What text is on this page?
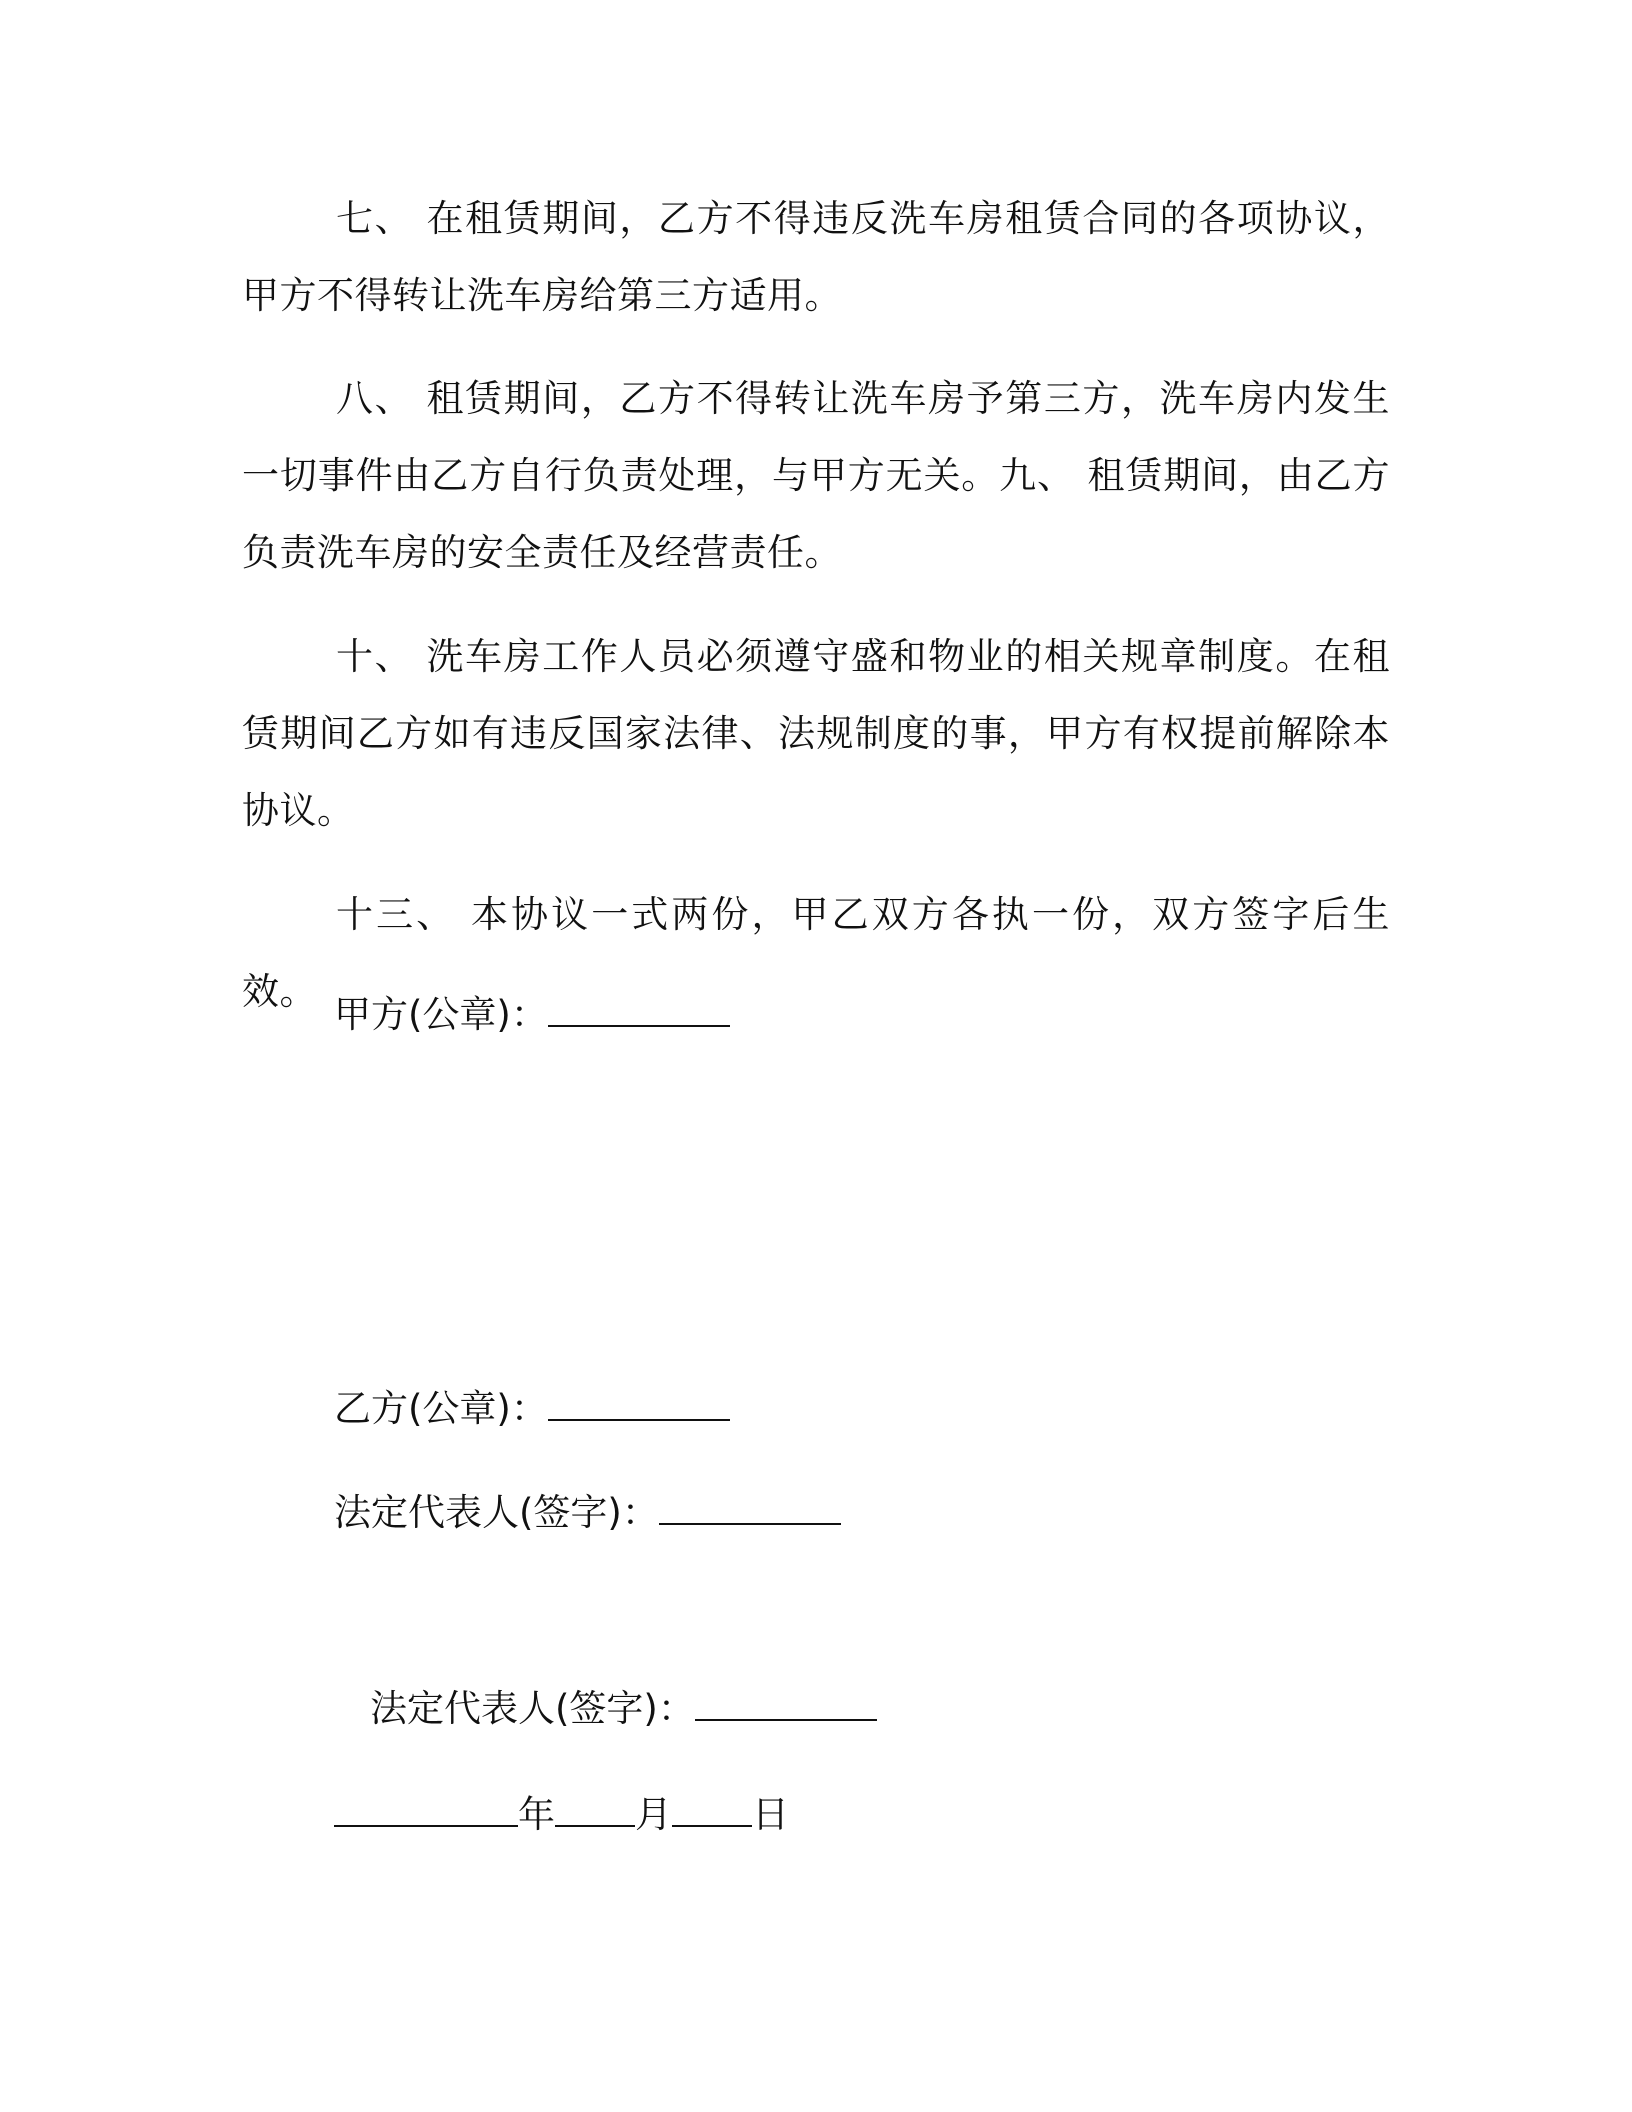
七、 在租赁期间，乙方不得违反洗车房租赁合同的各项协议，甲方不得转让洗车房给第三方适用。

八、 租赁期间，乙方不得转让洗车房予第三方，洗车房内发生一切事件由乙方自行负责处理，与甲方无关。九、 租赁期间，由乙方负责洗车房的安全责任及经营责任。

十、 洗车房工作人员必须遵守盛和物业的相关规章制度。在租赁期间乙方如有违反国家法律、法规制度的事，甲方有权提前解除本协议。

十三、 本协议一式两份，甲乙双方各执一份，双方签字后生效。

甲方(公章)：
乙方(公章)：
法定代表人(签字)：
法定代表人(签字)：
年 月 日
